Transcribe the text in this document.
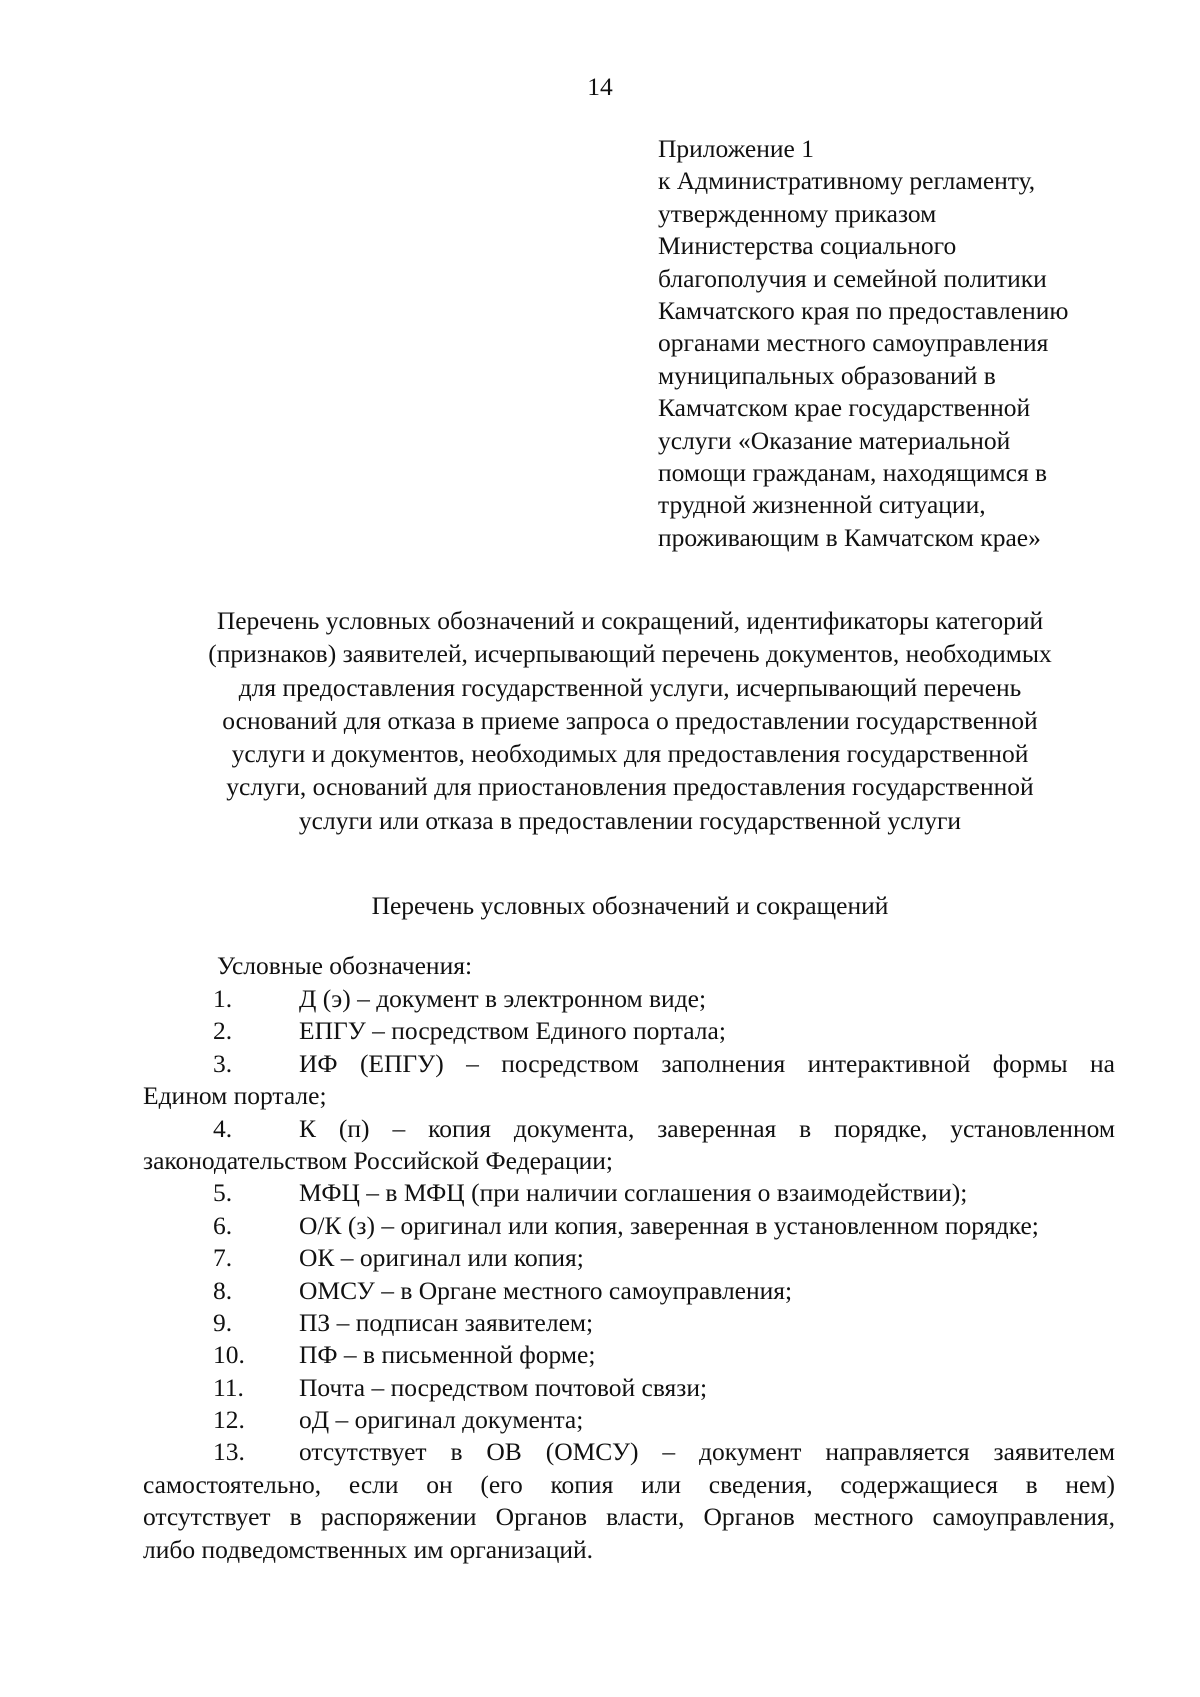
14
Приложение 1
к Административному регламенту,
утвержденному приказом
Министерства социального
благополучия и семейной политики
Камчатского края по предоставлению
органами местного самоуправления
муниципальных образований в
Камчатском крае государственной
услуги «Оказание материальной
помощи гражданам, находящимся в
трудной жизненной ситуации,
проживающим в Камчатском крае»
Перечень условных обозначений и сокращений, идентификаторы категорий
(признаков) заявителей, исчерпывающий перечень документов, необходимых
для предоставления государственной услуги, исчерпывающий перечень
оснований для отказа в приеме запроса о предоставлении государственной
услуги и документов, необходимых для предоставления государственной
услуги, оснований для приостановления предоставления государственной
услуги или отказа в предоставлении государственной услуги
Перечень условных обозначений и сокращений
Условные обозначения:
1.	Д (э) – документ в электронном виде;
2.	ЕПГУ – посредством Единого портала;
3.	ИФ (ЕПГУ) – посредством заполнения интерактивной формы на
Едином портале;
4.	К (п) – копия документа, заверенная в порядке, установленном
законодательством Российской Федерации;
5.	МФЦ – в МФЦ (при наличии соглашения о взаимодействии);
6.	О/К (з) – оригинал или копия, заверенная в установленном порядке;
7.	ОК – оригинал или копия;
8.	ОМСУ – в Органе местного самоуправления;
9.	ПЗ – подписан заявителем;
10.	ПФ – в письменной форме;
11.	Почта – посредством почтовой связи;
12.	оД – оригинал документа;
13.	отсутствует в ОВ (ОМСУ) – документ направляется заявителем
самостоятельно, если он (его копия или сведения, содержащиеся в нем)
отсутствует в распоряжении Органов власти, Органов местного самоуправления,
либо подведомственных им организаций.
